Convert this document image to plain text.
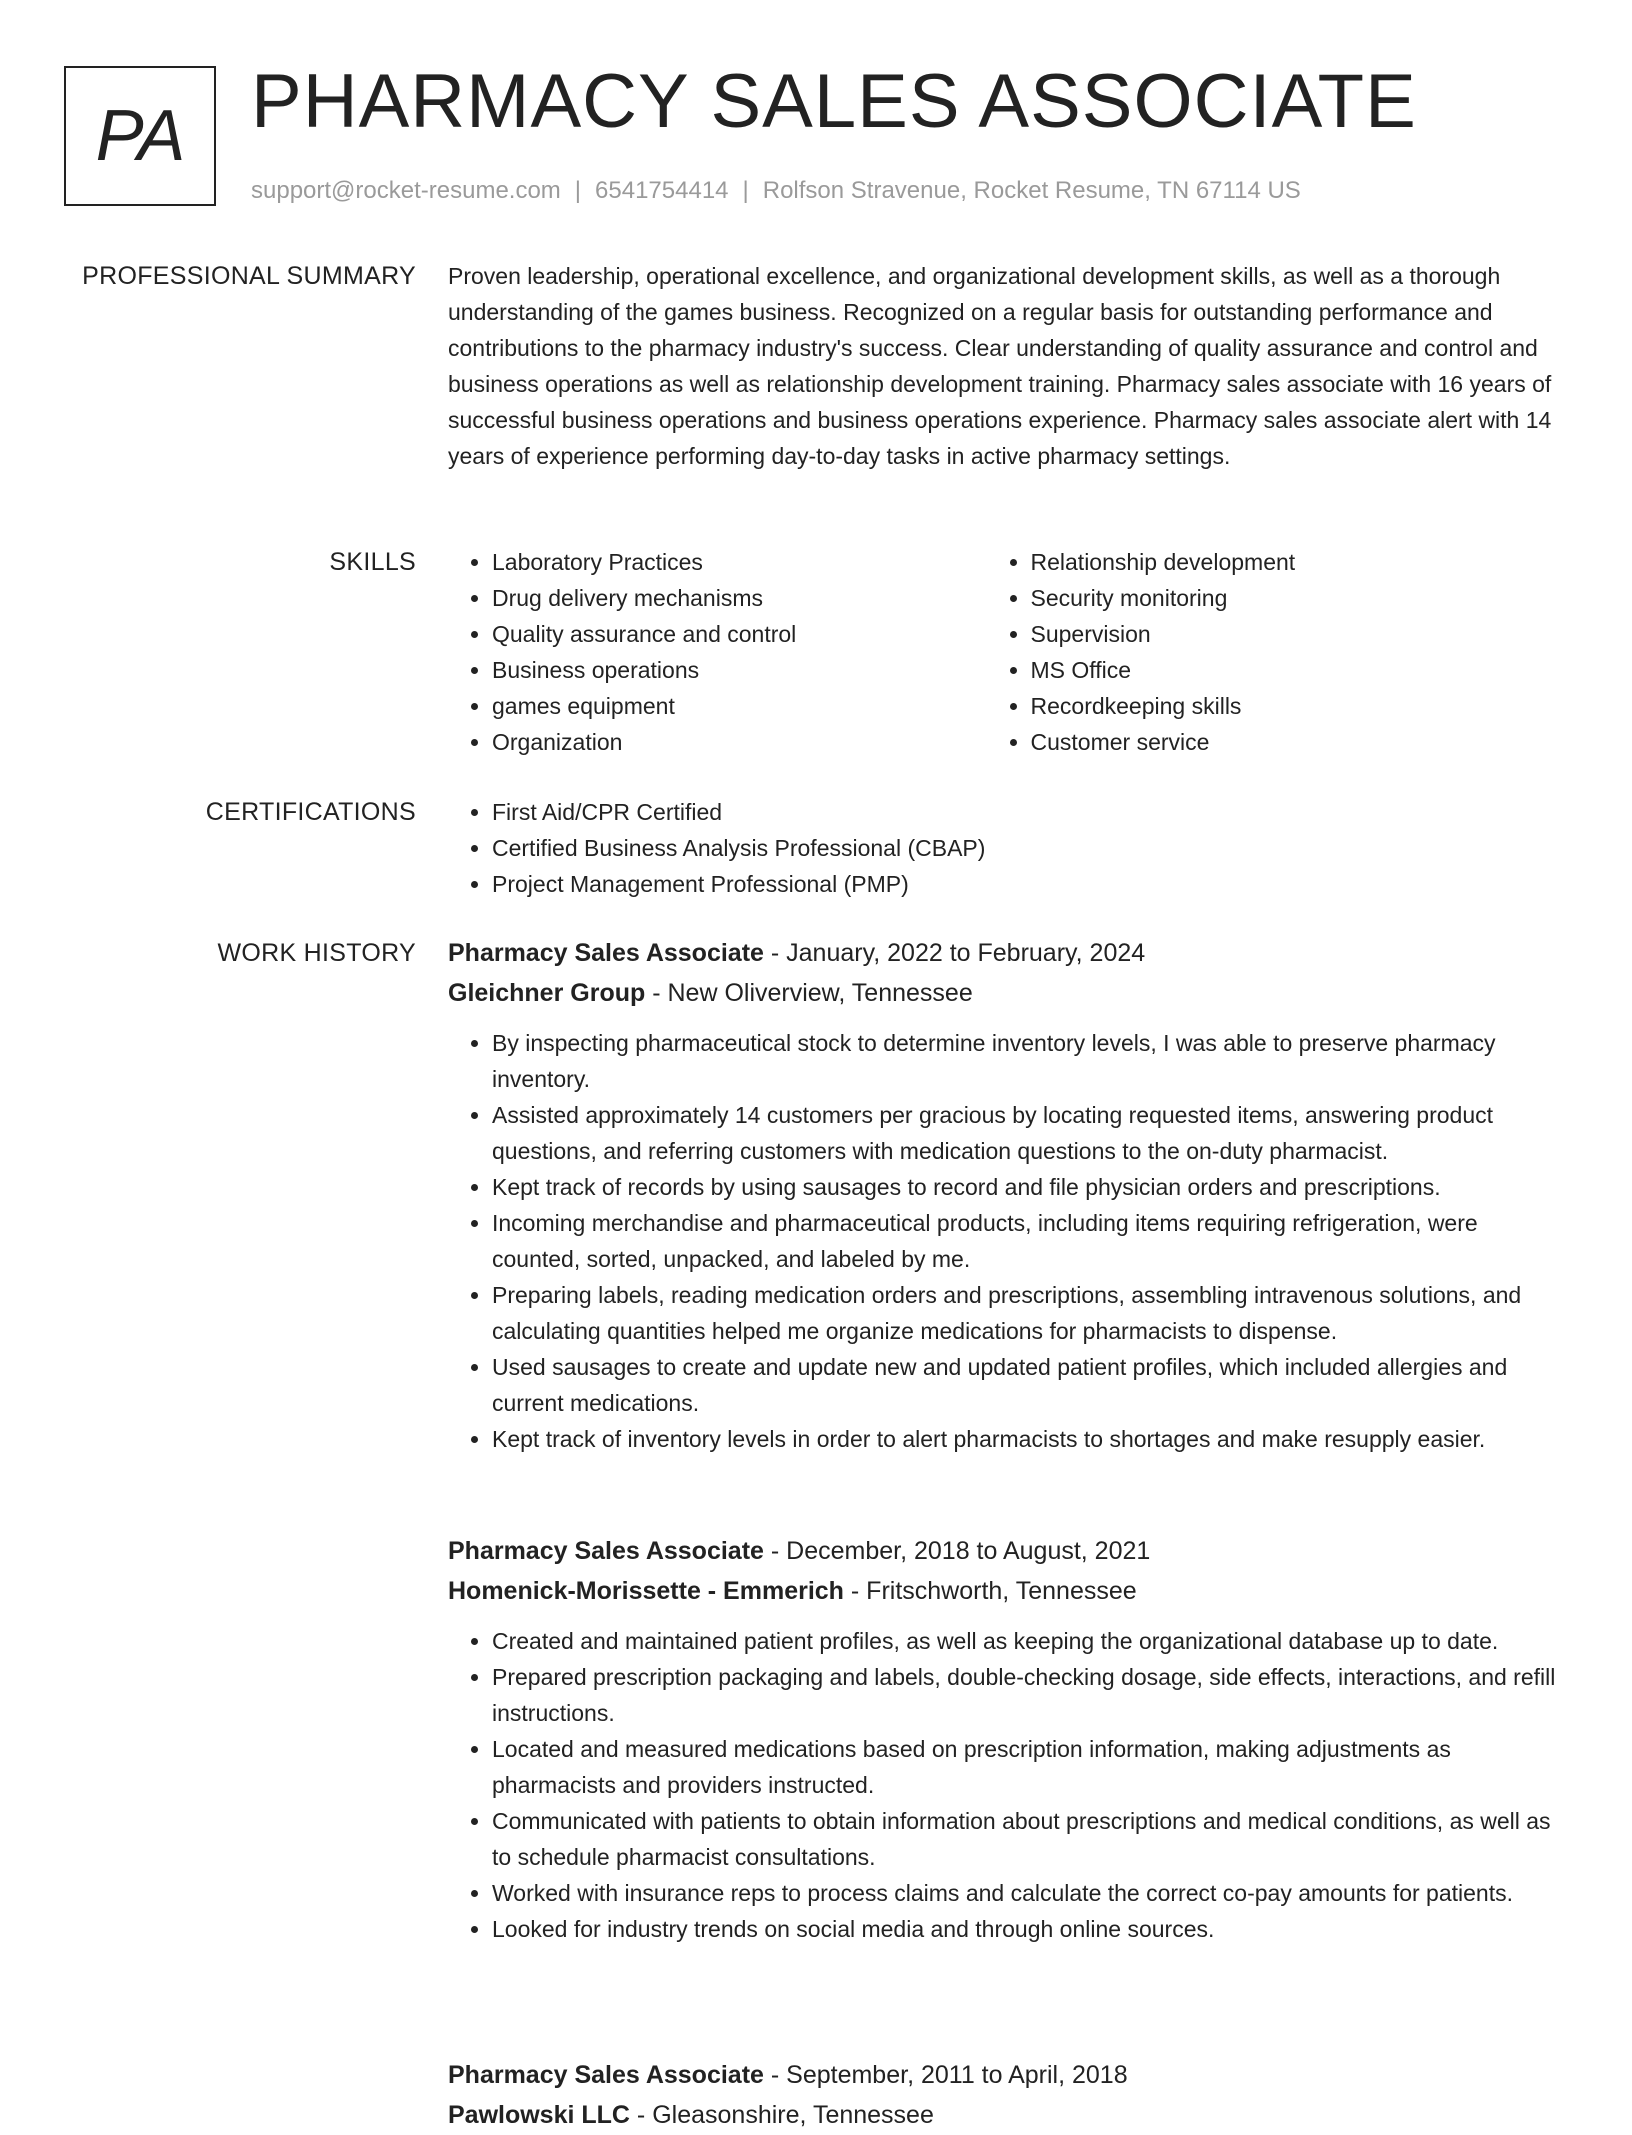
PA PHARMACY SALES ASSOCIATE
support@rocket-resume.com | 6541754414 | Rolfson Stravenue, Rocket Resume, TN 67114 US
PROFESSIONAL SUMMARY Proven leadership, operational excellence, and organizational development skills, as well as a thorough understanding of the games business. Recognized on a regular basis for outstanding performance and contributions to the pharmacy industry's success. Clear understanding of quality assurance and control and business operations as well as relationship development training. Pharmacy sales associate with 16 years of successful business operations and business operations experience. Pharmacy sales associate alert with 14 years of experience performing day-to-day tasks in active pharmacy settings.

SKILLS	• Laboratory Practices
• Drug delivery mechanisms
• Quality assurance and control
• Business operations
• games equipment
• Organization
• Relationship development
• Security monitoring
• Supervision
• MS Office
• Recordkeeping skills
• Customer service
CERTIFICATIONS	• First Aid/CPR Certified
• Certified Business Analysis Professional (CBAP)
• Project Management Professional (PMP)
WORK HISTORY Pharmacy Sales Associate - January, 2022 to February, 2024
Gleichner Group - New Oliverview, Tennessee
• By inspecting pharmaceutical stock to determine inventory levels, I was able to preserve pharmacy inventory.
• Assisted approximately 14 customers per gracious by locating requested items, answering product questions, and referring customers with medication questions to the on-duty pharmacist.
• Kept track of records by using sausages to record and file physician orders and prescriptions.
• Incoming merchandise and pharmaceutical products, including items requiring refrigeration, were counted, sorted, unpacked, and labeled by me.
• Preparing labels, reading medication orders and prescriptions, assembling intravenous solutions, and calculating quantities helped me organize medications for pharmacists to dispense.
• Used sausages to create and update new and updated patient profiles, which included allergies and current medications.
• Kept track of inventory levels in order to alert pharmacists to shortages and make resupply easier.
Pharmacy Sales Associate - December, 2018 to August, 2021
Homenick-Morissette - Emmerich - Fritschworth, Tennessee
• Created and maintained patient profiles, as well as keeping the organizational database up to date.
• Prepared prescription packaging and labels, double-checking dosage, side effects, interactions, and refill instructions.
• Located and measured medications based on prescription information, making adjustments as pharmacists and providers instructed.
• Communicated with patients to obtain information about prescriptions and medical conditions, as well as to schedule pharmacist consultations.
• Worked with insurance reps to process claims and calculate the correct co-pay amounts for patients.
• Looked for industry trends on social media and through online sources.
Pharmacy Sales Associate - September, 2011 to April, 2018
Pawlowski LLC - Gleasonshire, Tennessee
